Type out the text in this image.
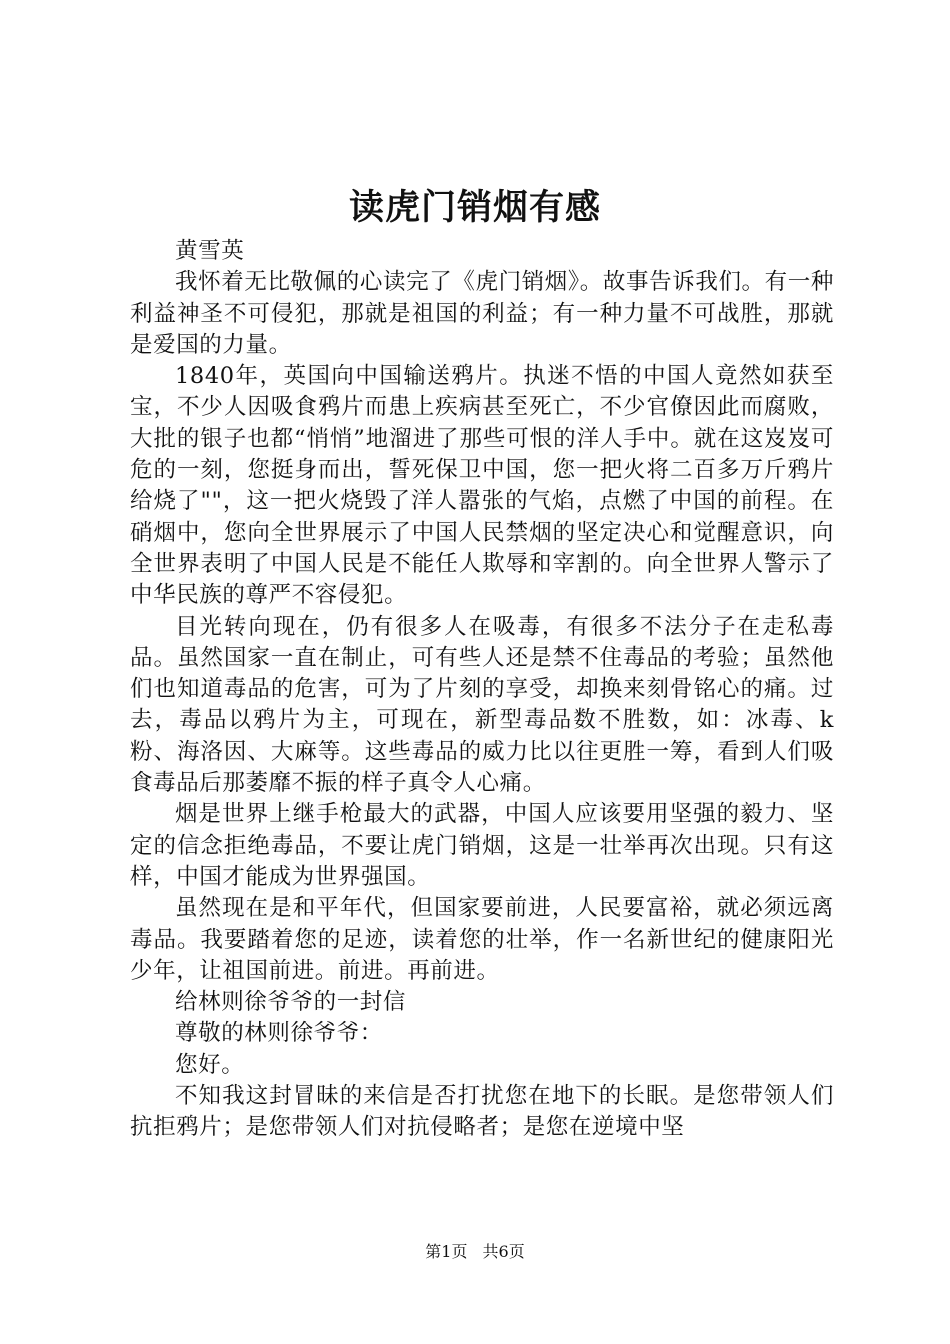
读虎门销烟有感

黄雪英

我怀着无比敬佩的心读完了《虎门销烟》。故事告诉我们。有一种利益神圣不可侵犯，那就是祖国的利益；有一种力量不可战胜，那就是爱国的力量。

1840年，英国向中国输送鸦片。执迷不悟的中国人竟然如获至宝，不少人因吸食鸦片而患上疾病甚至死亡，不少官僚因此而腐败，大批的银子也都“悄悄”地溜进了那些可恨的洋人手中。就在这岌岌可危的一刻，您挺身而出，誓死保卫中国，您一把火将二百多万斤鸦片给烧了""，这一把火烧毁了洋人嚣张的气焰，点燃了中国的前程。在硝烟中，您向全世界展示了中国人民禁烟的坚定决心和觉醒意识，向全世界表明了中国人民是不能任人欺辱和宰割的。向全世界人警示了中华民族的尊严不容侵犯。

目光转向现在，仍有很多人在吸毒，有很多不法分子在走私毒品。虽然国家一直在制止，可有些人还是禁不住毒品的考验；虽然他们也知道毒品的危害，可为了片刻的享受，却换来刻骨铭心的痛。过去，毒品以鸦片为主，可现在，新型毒品数不胜数，如：冰毒、k粉、海洛因、大麻等。这些毒品的威力比以往更胜一筹，看到人们吸食毒品后那萎靡不振的样子真令人心痛。

烟是世界上继手枪最大的武器，中国人应该要用坚强的毅力、坚定的信念拒绝毒品，不要让虎门销烟，这是一壮举再次出现。只有这样，中国才能成为世界强国。

虽然现在是和平年代，但国家要前进，人民要富裕，就必须远离毒品。我要踏着您的足迹，读着您的壮举，作一名新世纪的健康阳光少年，让祖国前进。前进。再前进。

给林则徐爷爷的一封信

尊敬的林则徐爷爷：

您好。

不知我这封冒昧的来信是否打扰您在地下的长眠。是您带领人们抗拒鸦片；是您带领人们对抗侵略者；是您在逆境中坚

第1页 共6页
